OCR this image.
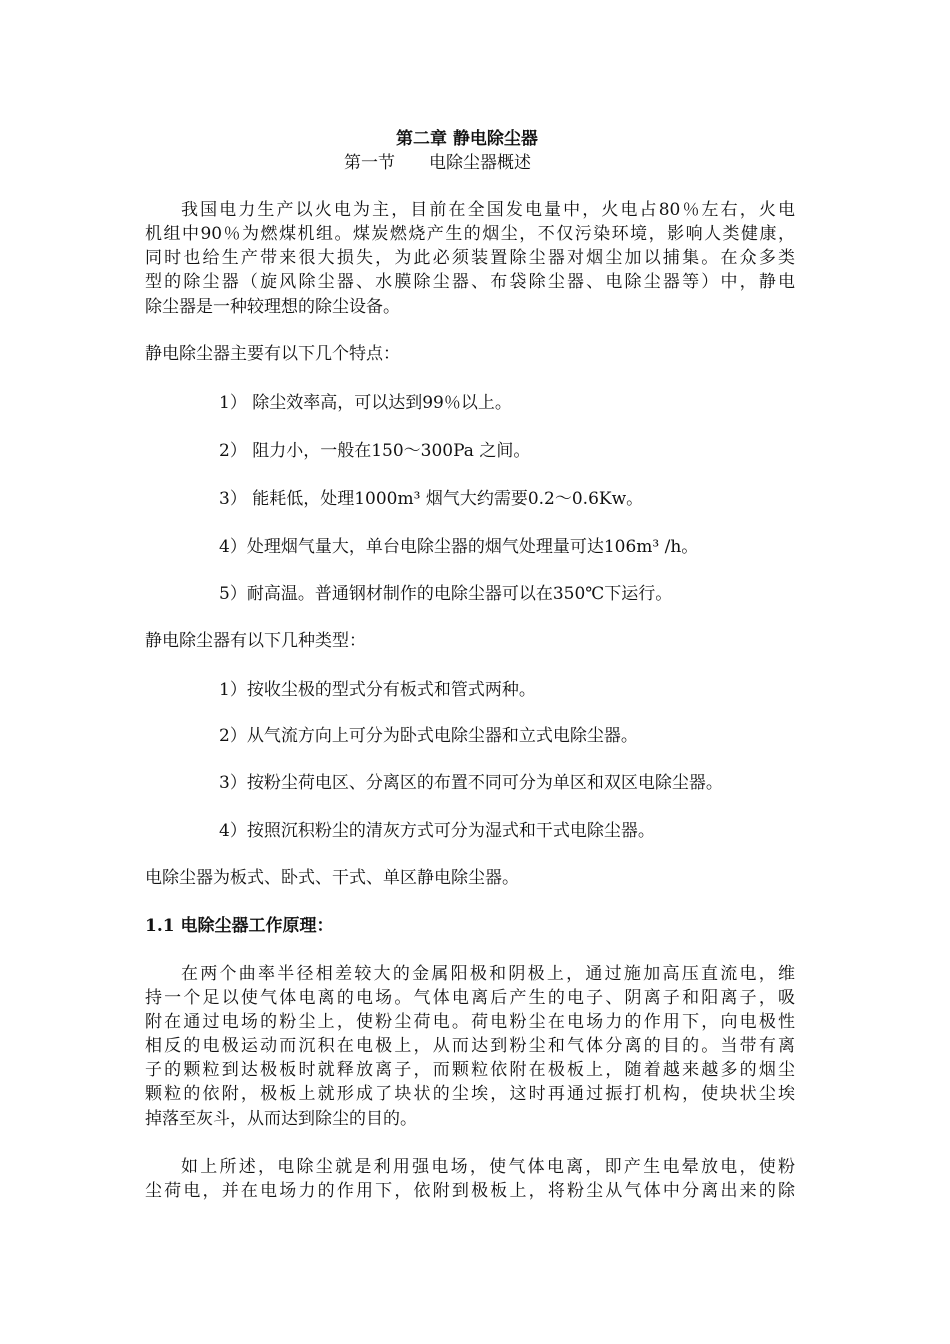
第二章 静电除尘器
第一节　　电除尘器概述
我国电力生产以火电为主，目前在全国发电量中，火电占80％左右，火电
机组中90％为燃煤机组。煤炭燃烧产生的烟尘，不仅污染环境，影响人类健康，
同时也给生产带来很大损失，为此必须装置除尘器对烟尘加以捕集。在众多类
型的除尘器（旋风除尘器、水膜除尘器、布袋除尘器、电除尘器等）中，静电
除尘器是一种较理想的除尘设备。
静电除尘器主要有以下几个特点：
1） 除尘效率高，可以达到99％以上。
2） 阻力小，一般在150～300Pa 之间。
3） 能耗低，处理1000m³ 烟气大约需要0.2～0.6Kw。
4）处理烟气量大，单台电除尘器的烟气处理量可达106m³ /h。
5）耐高温。普通钢材制作的电除尘器可以在350℃下运行。
静电除尘器有以下几种类型：
1）按收尘极的型式分有板式和管式两种。
2）从气流方向上可分为卧式电除尘器和立式电除尘器。
3）按粉尘荷电区、分离区的布置不同可分为单区和双区电除尘器。
4）按照沉积粉尘的清灰方式可分为湿式和干式电除尘器。
电除尘器为板式、卧式、干式、单区静电除尘器。
1.1 电除尘器工作原理：
在两个曲率半径相差较大的金属阳极和阴极上，通过施加高压直流电，维
持一个足以使气体电离的电场。气体电离后产生的电子、阴离子和阳离子，吸
附在通过电场的粉尘上，使粉尘荷电。荷电粉尘在电场力的作用下，向电极性
相反的电极运动而沉积在电极上，从而达到粉尘和气体分离的目的。当带有离
子的颗粒到达极板时就释放离子，而颗粒依附在极板上，随着越来越多的烟尘
颗粒的依附，极板上就形成了块状的尘埃，这时再通过振打机构，使块状尘埃
掉落至灰斗，从而达到除尘的目的。
如上所述，电除尘就是利用强电场，使气体电离，即产生电晕放电，使粉
尘荷电，并在电场力的作用下，依附到极板上，将粉尘从气体中分离出来的除
